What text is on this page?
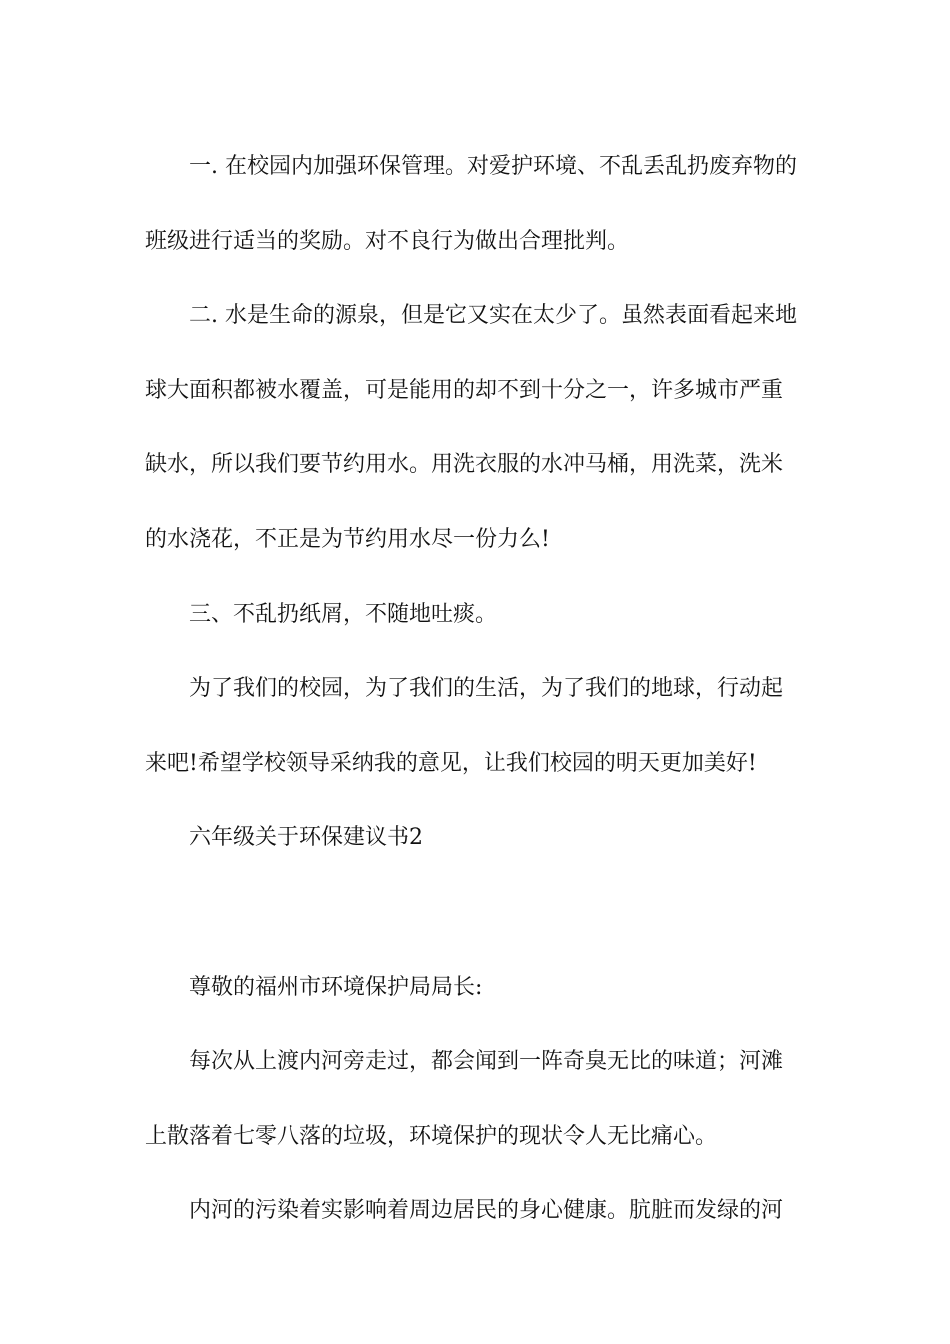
一. 在校园内加强环保管理。对爱护环境、不乱丢乱扔废弃物的
班级进行适当的奖励。对不良行为做出合理批判。

二. 水是生命的源泉，但是它又实在太少了。虽然表面看起来地
球大面积都被水覆盖，可是能用的却不到十分之一，许多城市严重
缺水，所以我们要节约用水。用洗衣服的水冲马桶，用洗菜，洗米
的水浇花，不正是为节约用水尽一份力么!

三、不乱扔纸屑，不随地吐痰。

为了我们的校园，为了我们的生活，为了我们的地球，行动起
来吧!希望学校领导采纳我的意见，让我们校园的明天更加美好!

六年级关于环保建议书2

尊敬的福州市环境保护局局长:

每次从上渡内河旁走过，都会闻到一阵奇臭无比的味道；河滩
上散落着七零八落的垃圾，环境保护的现状令人无比痛心。

内河的污染着实影响着周边居民的身心健康。肮脏而发绿的河
